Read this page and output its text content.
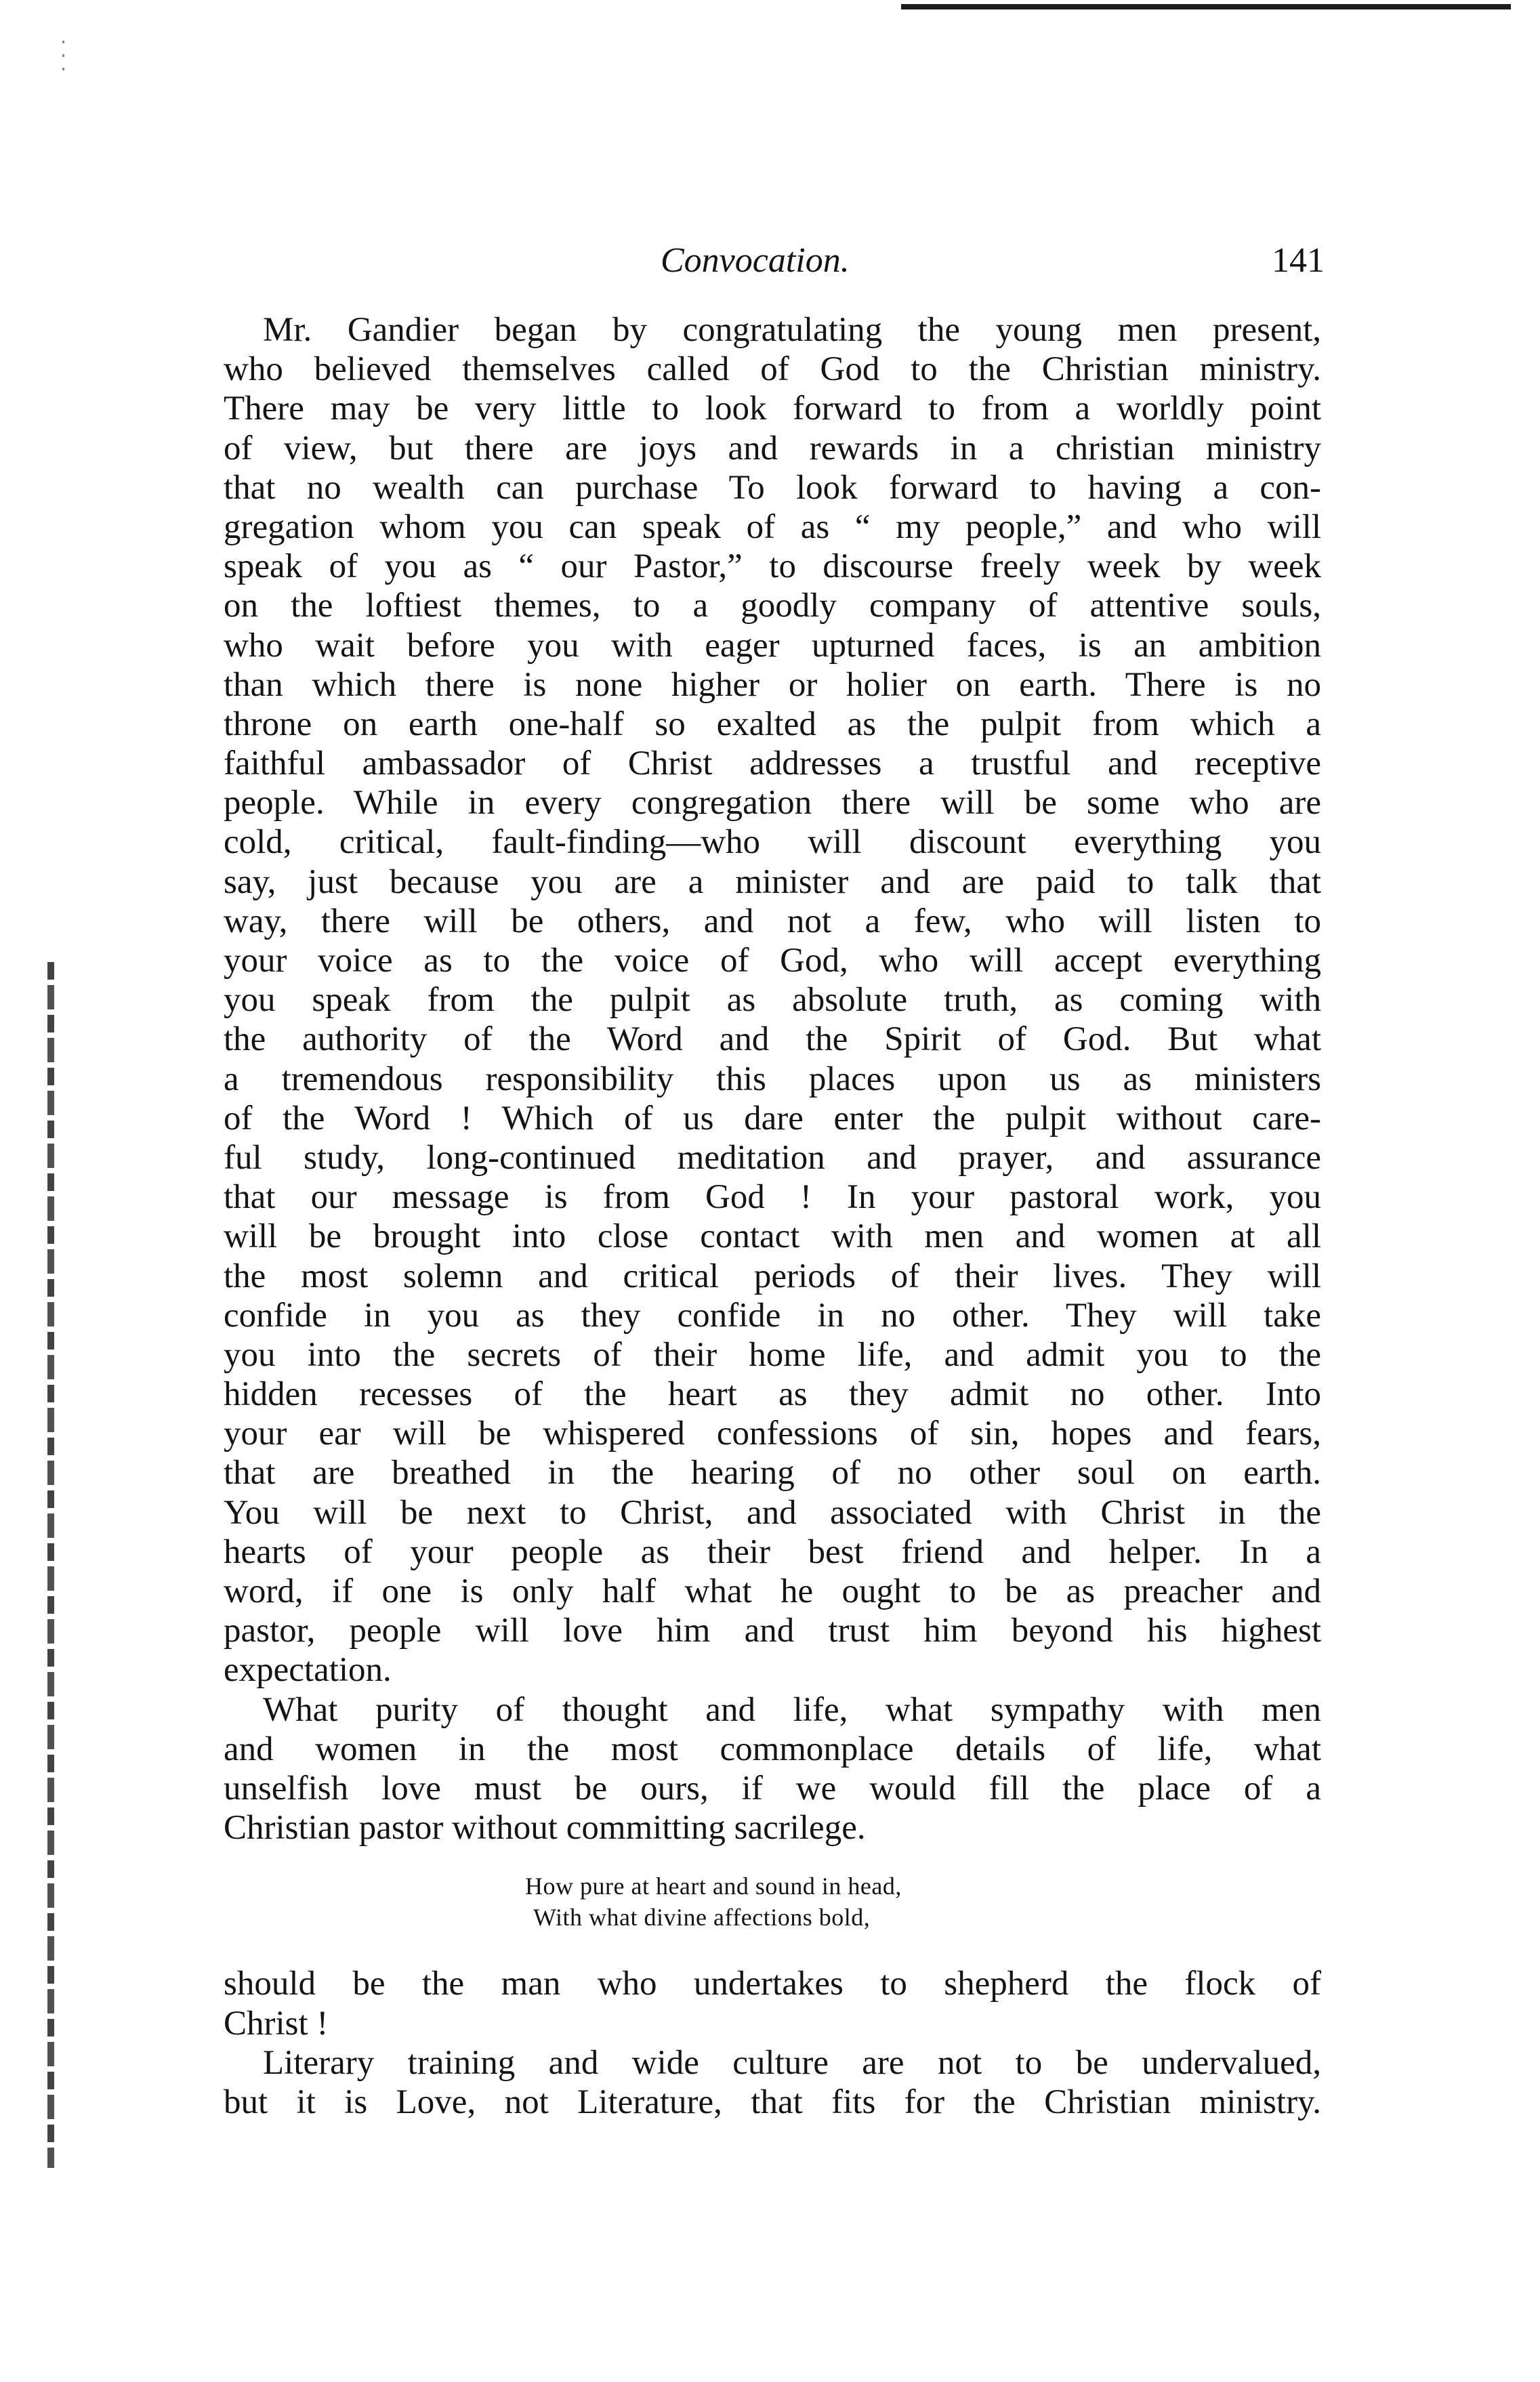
Convocation.	141
Mr. Gandier began by congratulating the young men present,
who believed themselves called of God to the Christian ministry.
There may be very little to look forward to from a worldly point
of view, but there are joys and rewards in a christian ministry
that no wealth can purchase To look forward to having a con-
gregation whom you can speak of as “ my people,” and who will
speak of you as “ our Pastor,” to discourse freely week by week
on the loftiest themes, to a goodly company of attentive souls,
who wait before you with eager upturned faces, is an ambition
than which there is none higher or holier on earth. There is no
throne on earth one-half so exalted as the pulpit from which a
faithful ambassador of Christ addresses a trustful and receptive
people. While in every congregation there will be some who are
cold, critical, fault-finding—who will discount everything you
say, just because you are a minister and are paid to talk that
way, there will be others, and not a few, who will listen to
your voice as to the voice of God, who will accept everything
you speak from the pulpit as absolute truth, as coming with
the authority of the Word and the Spirit of God. But what
a tremendous responsibility this places upon us as ministers
of the Word ! Which of us dare enter the pulpit without care-
ful study, long-continued meditation and prayer, and assurance
that our message is from God ! In your pastoral work, you
will be brought into close contact with men and women at all
the most solemn and critical periods of their lives. They will
confide in you as they confide in no other. They will take
you into the secrets of their home life, and admit you to the
hidden recesses of the heart as they admit no other. Into
your ear will be whispered confessions of sin, hopes and fears,
that are breathed in the hearing of no other soul on earth.
You will be next to Christ, and associated with Christ in the
hearts of your people as their best friend and helper. In a
word, if one is only half what he ought to be as preacher and
pastor, people will love him and trust him beyond his highest
expectation.
What purity of thought and life, what sympathy with men
and women in the most commonplace details of life, what
unselfish love must be ours, if we would fill the place of a
Christian pastor without committing sacrilege.
How pure at heart and sound in head,
With what divine affections bold,
should be the man who undertakes to shepherd the flock of
Christ !
Literary training and wide culture are not to be undervalued,
but it is Love, not Literature, that fits for the Christian ministry.
